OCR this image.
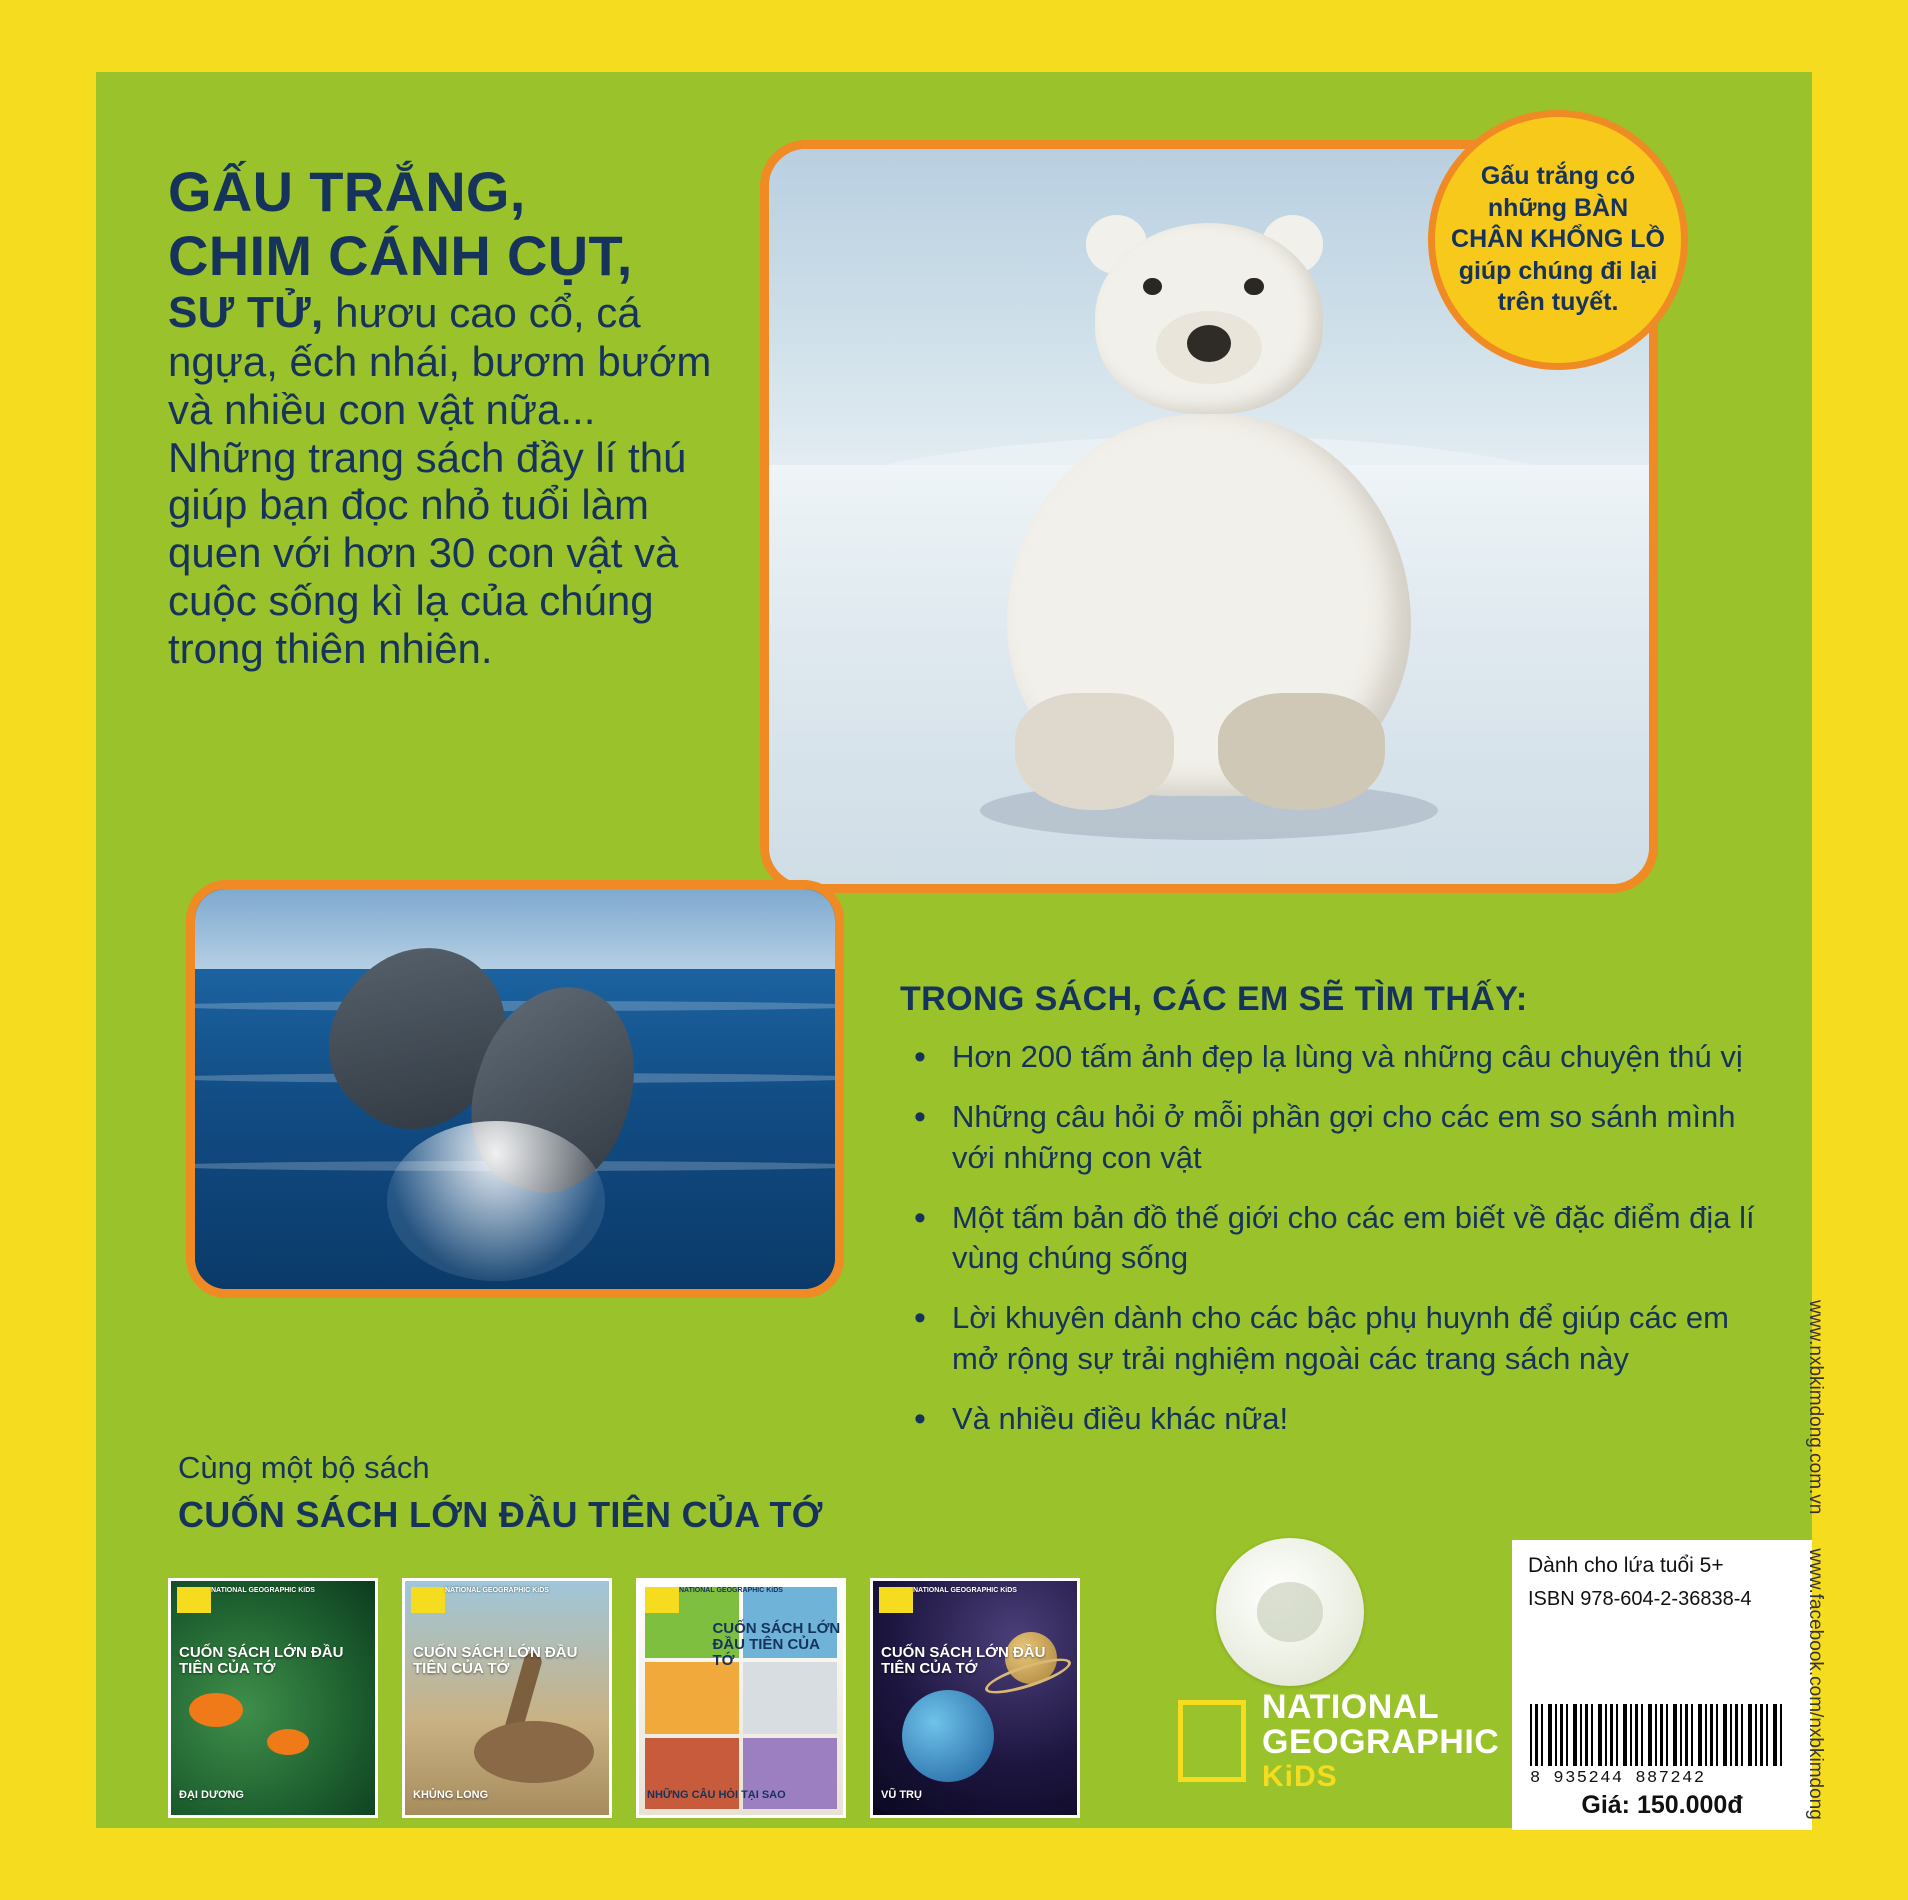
GẤU TRẮNG,
CHIM CÁNH CỤT,
SƯ TỬ, hươu cao cổ, cá
ngựa, ếch nhái, bươm bướm
và nhiều con vật nữa...
Những trang sách đầy lí thú
giúp bạn đọc nhỏ tuổi làm
quen với hơn 30 con vật và
cuộc sống kì lạ của chúng
trong thiên nhiên.
Gấu trắng có những BÀN CHÂN KHỔNG LỒ giúp chúng đi lại trên tuyết.
TRONG SÁCH, CÁC EM SẼ TÌM THẤY:
• Hơn 200 tấm ảnh đẹp lạ lùng và những câu chuyện thú vị
• Những câu hỏi ở mỗi phần gợi cho các em so sánh mình với những con vật
• Một tấm bản đồ thế giới cho các em biết về đặc điểm địa lí vùng chúng sống
• Lời khuyên dành cho các bậc phụ huynh để giúp các em mở rộng sự trải nghiệm ngoài các trang sách này
• Và nhiều điều khác nữa!
Cùng một bộ sách
CUỐN SÁCH LỚN ĐẦU TIÊN CỦA TỚ
NATIONAL GEOGRAPHIC KiDS
CUỐN SÁCH LỚN ĐẦU TIÊN CỦA TỚ
ĐẠI DƯƠNG
NATIONAL GEOGRAPHIC KiDS
CUỐN SÁCH LỚN ĐẦU TIÊN CỦA TỚ
KHỦNG LONG
NATIONAL GEOGRAPHIC KiDS
CUỐN SÁCH LỚN ĐẦU TIÊN CỦA TỚ
NHỮNG CÂU HỎI TẠI SAO
NATIONAL GEOGRAPHIC KiDS
CUỐN SÁCH LỚN ĐẦU TIÊN CỦA TỚ
VŨ TRỤ
NATIONAL
GEOGRAPHIC
KiDS
Dành cho lứa tuổi 5+
ISBN 978-604-2-36838-4
8 935244 887242
Giá: 150.000đ
www.nxbkimdong.com.vn
www.facebook.com/nxbkimdong
